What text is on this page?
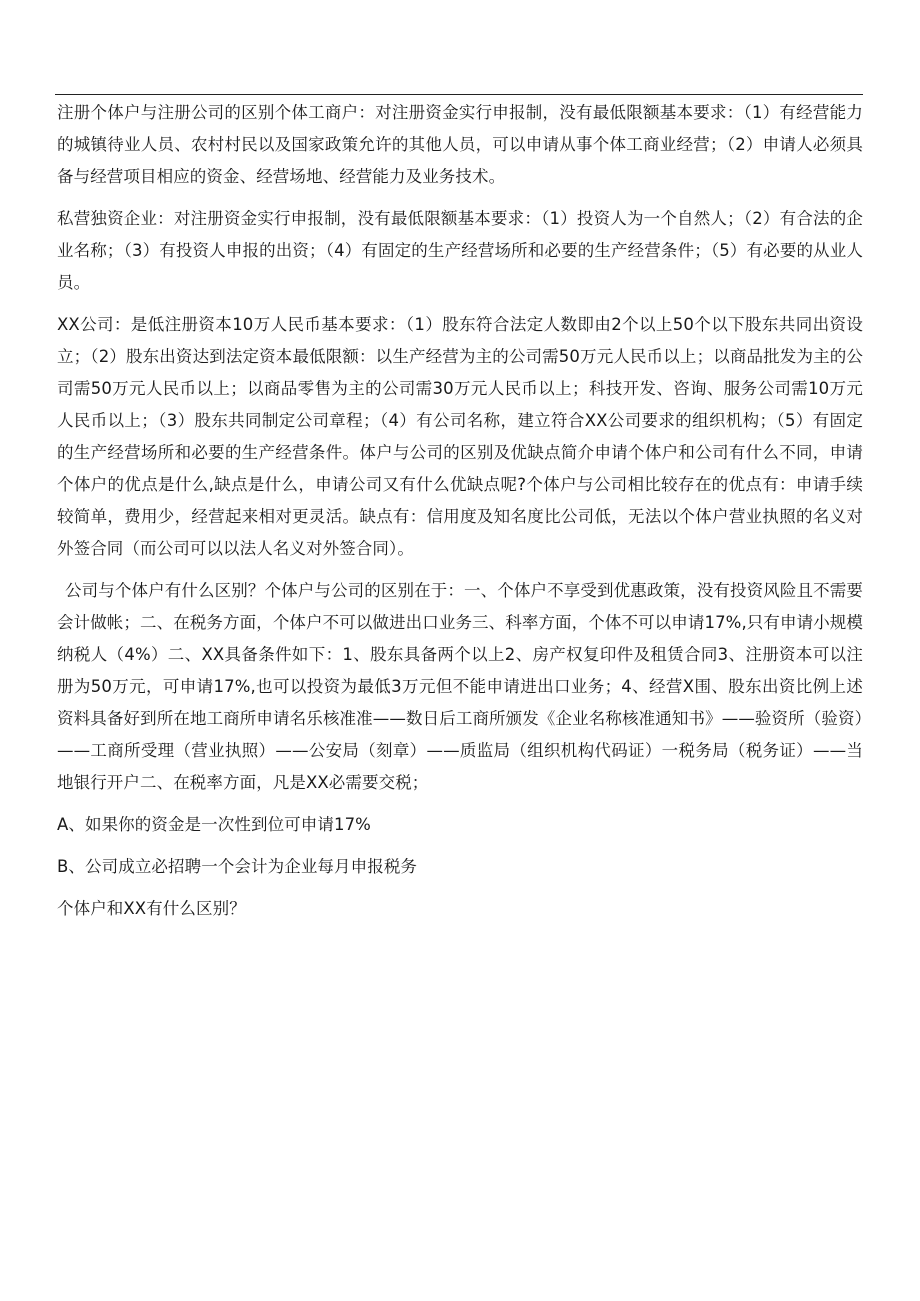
注册个体户与注册公司的区别个体工商户：对注册资金实行申报制，没有最低限额基本要求：（1）有经营能力的城镇待业人员、农村村民以及国家政策允许的其他人员，可以申请从事个体工商业经营；（2）申请人必须具备与经营项目相应的资金、经营场地、经营能力及业务技术。

私营独资企业：对注册资金实行申报制，没有最低限额基本要求：（1）投资人为一个自然人；（2）有合法的企业名称；（3）有投资人申报的出资；（4）有固定的生产经营场所和必要的生产经营条件；（5）有必要的从业人员。

XX公司：是低注册资本10万人民币基本要求：（1）股东符合法定人数即由2个以上50个以下股东共同出资设立；（2）股东出资达到法定资本最低限额：以生产经营为主的公司需50万元人民币以上；以商品批发为主的公司需50万元人民币以上；以商品零售为主的公司需30万元人民币以上；科技开发、咨询、服务公司需10万元人民币以上；（3）股东共同制定公司章程；（4）有公司名称，建立符合XX公司要求的组织机构；（5）有固定的生产经营场所和必要的生产经营条件。体户与公司的区别及优缺点简介申请个体户和公司有什么不同，申请个体户的优点是什么,缺点是什么，申请公司又有什么优缺点呢?个体户与公司相比较存在的优点有：申请手续较简单，费用少，经营起来相对更灵活。缺点有：信用度及知名度比公司低，无法以个体户营业执照的名义对外签合同（而公司可以以法人名义对外签合同）。

公司与个体户有什么区别？个体户与公司的区别在于：一、个体户不享受到优惠政策，没有投资风险且不需要会计做帐；二、在税务方面，个体户不可以做进出口业务三、科率方面，个体不可以申请17%,只有申请小规模纳税人（4%）二、XX具备条件如下：1、股东具备两个以上2、房产权复印件及租赁合同3、注册资本可以注册为50万元，可申请17%,也可以投资为最低3万元但不能申请进出口业务；4、经营X围、股东出资比例上述资料具备好到所在地工商所申请名乐核准准——数日后工商所颁发《企业名称核准通知书》——验资所（验资）——工商所受理（营业执照）——公安局（刻章）——质监局（组织机构代码证）一税务局（税务证）——当地银行开户二、在税率方面，凡是XX必需要交税；

A、如果你的资金是一次性到位可申请17%

B、公司成立必招聘一个会计为企业每月申报税务

个体户和XX有什么区别？
